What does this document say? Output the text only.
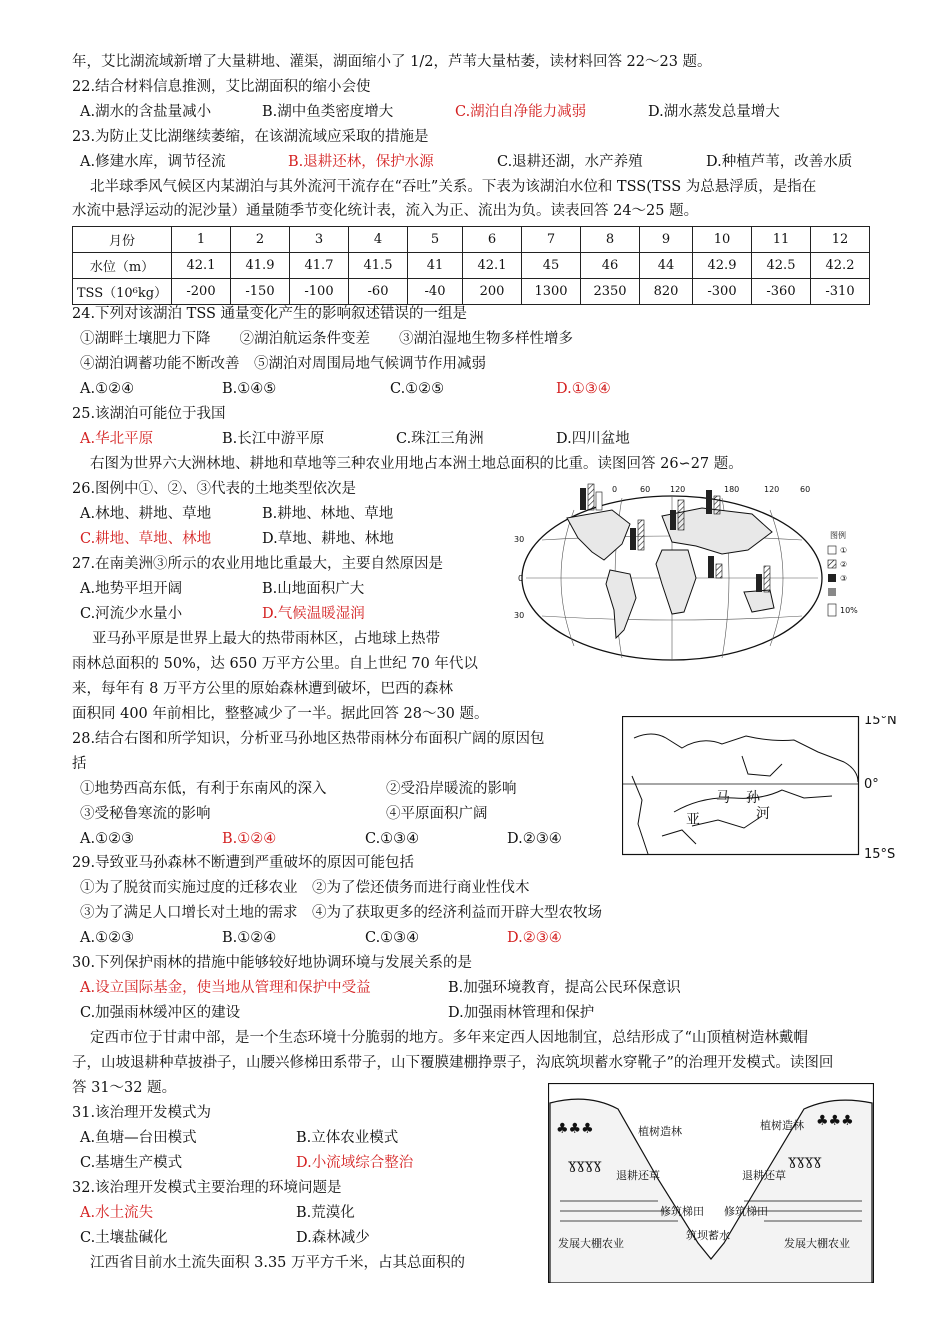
年，艾比湖流域新增了大量耕地、灌渠，湖面缩小了 1/2，芦苇大量枯萎，读材料回答 22～23 题。
22.结合材料信息推测，艾比湖面积的缩小会使
A.湖水的含盐量减小	B.湖中鱼类密度增大	C.湖泊自净能力减弱	D.湖水蒸发总量增大
23.为防止艾比湖继续萎缩，在该湖流域应采取的措施是
A.修建水库，调节径流	B.退耕还林，保护水源	C.退耕还湖，水产养殖	D.种植芦苇，改善水质
北半球季风气候区内某湖泊与其外流河干流存在“吞吐”关系。下表为该湖泊水位和 TSS(TSS 为总悬浮质，是指在
水流中悬浮运动的泥沙量）通量随季节变化统计表，流入为正、流出为负。读表回答 24～25 题。
月份	1	2	3	4	5	6	7	8	9	10	11	12
水位（m）	42.1	41.9	41.7	41.5	41	42.1	45	46	44	42.9	42.5	42.2
TSS（10⁶kg）	-200	-150	-100	-60	-40	200	1300	2350	820	-300	-360	-310
24.下列对该湖泊 TSS 通量变化产生的影响叙述错误的一组是
①湖畔土壤肥力下降　　②湖泊航运条件变差　　③湖泊湿地生物多样性增多
④湖泊调蓄功能不断改善　⑤湖泊对周围局地气候调节作用减弱
A.①②④	B.①④⑤	C.①②⑤	D.①③④
25.该湖泊可能位于我国
A.华北平原	B.长江中游平原	C.珠江三角洲	D.四川盆地
右图为世界六大洲林地、耕地和草地等三种农业用地占本洲土地总面积的比重。读图回答 26∽27 题。
26.图例中①、②、③代表的土地类型依次是
A.林地、耕地、草地	B.耕地、林地、草地
C.耕地、草地、林地	D.草地、耕地、林地
27.在南美洲③所示的农业用地比重最大，主要自然原因是
A.地势平坦开阔	B.山地面积广大
C.河流少水量小	D.气候温暖湿润
亚马孙平原是世界上最大的热带雨林区，占地球上热带
雨林总面积的 50%，达 650 万平方公里。自上世纪 70 年代以
来，每年有 8 万平方公里的原始森林遭到破坏，巴西的森林
面积同 400 年前相比，整整减少了一半。据此回答 28～30 题。
28.结合右图和所学知识，分析亚马孙地区热带雨林分布面积广阔的原因包
括
①地势西高东低，有利于东南风的深入	②受沿岸暖流的影响
③受秘鲁寒流的影响	④平原面积广阔
A.①②③	B.①②④	C.①③④	D.②③④
29.导致亚马孙森林不断遭到严重破坏的原因可能包括
①为了脱贫而实施过度的迁移农业　②为了偿还债务而进行商业性伐木
③为了满足人口增长对土地的需求　④为了获取更多的经济利益而开辟大型农牧场
A.①②③	B.①②④	C.①③④	D.②③④
30.下列保护雨林的措施中能够较好地协调环境与发展关系的是
A.设立国际基金，使当地从管理和保护中受益	B.加强环境教育，提高公民环保意识
C.加强雨林缓冲区的建设	D.加强雨林管理和保护
定西市位于甘肃中部，是一个生态环境十分脆弱的地方。多年来定西人因地制宜，总结形成了“山顶植树造林戴帽
子，山坡退耕种草披褂子，山腰兴修梯田系带子，山下覆膜建棚挣票子，沟底筑坝蓄水穿靴子”的治理开发模式。读图回
答 31～32 题。
31.该治理开发模式为
A.鱼塘—台田模式	B.立体农业模式
C.基塘生产模式	D.小流域综合整治
32.该治理开发模式主要治理的环境问题是
A.水土流失	B.荒漠化
C.土壤盐碱化	D.森林减少
江西省目前水土流失面积 3.35 万平方千米，占其总面积的
0	60 120	180	120	60
30
0
30
图例
①
②
③
10%
马 孙
亚	河
15°N
0°
15°S
♣♣♣	♣♣♣
ɣɣɣɣ	ɣɣɣɣ
植树造林	植树造林
退耕还草	退耕还草
修筑梯田 修筑梯田
筑坝蓄水
发展大棚农业	发展大棚农业
